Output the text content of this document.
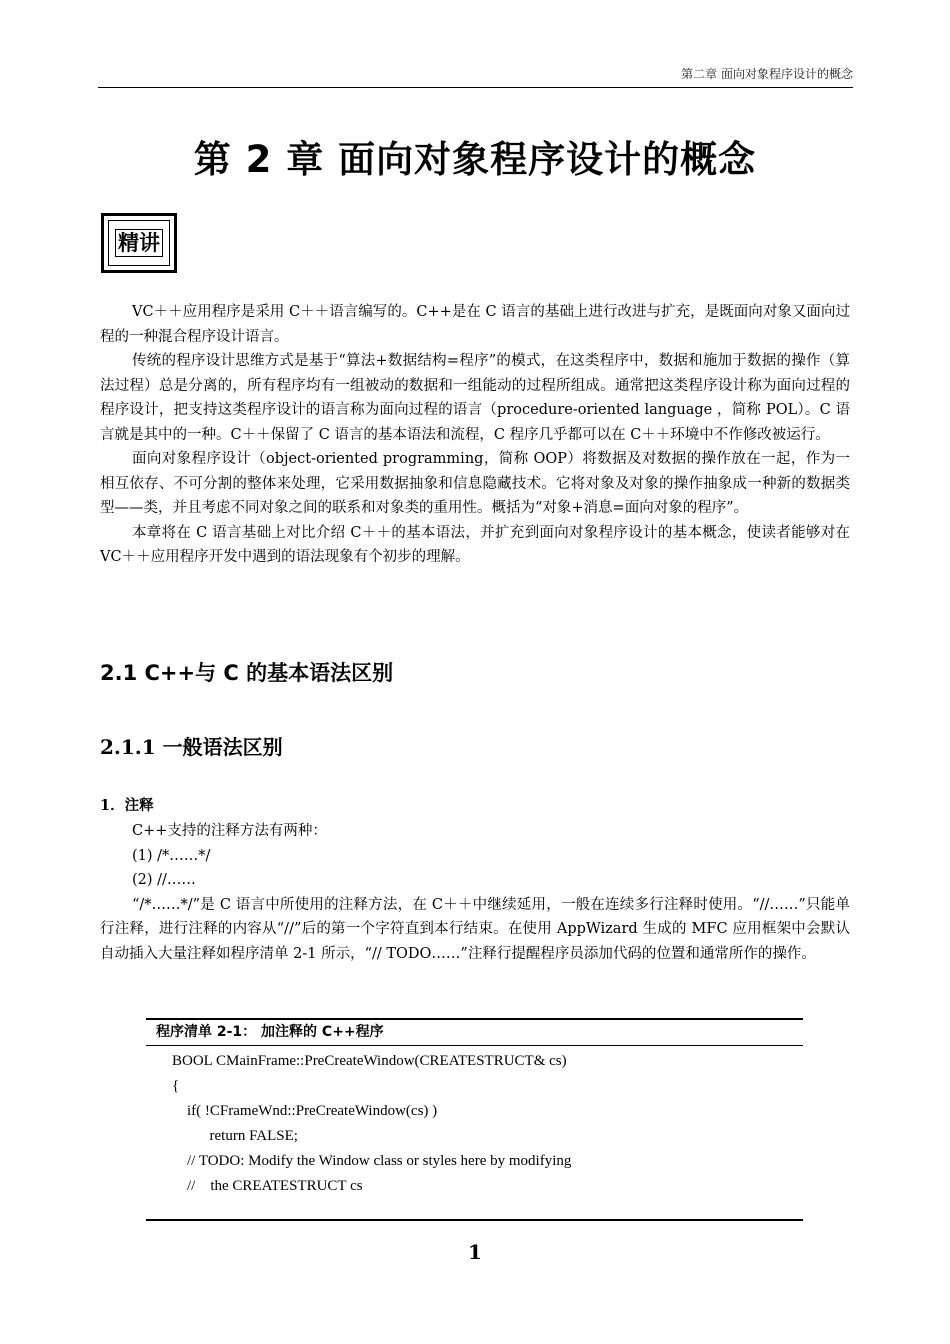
第二章 面向对象程序设计的概念
第 2 章 面向对象程序设计的概念
精讲

VC＋＋应用程序是采用 C＋＋语言编写的。C++是在 C 语言的基础上进行改进与扩充，是既面向对象又面向过程的一种混合程序设计语言。

传统的程序设计思维方式是基于“算法+数据结构=程序”的模式，在这类程序中，数据和施加于数据的操作（算法过程）总是分离的，所有程序均有一组被动的数据和一组能动的过程所组成。通常把这类程序设计称为面向过程的程序设计，把支持这类程序设计的语言称为面向过程的语言（procedure-oriented language ，简称 POL）。C 语言就是其中的一种。C＋＋保留了 C 语言的基本语法和流程，C 程序几乎都可以在 C＋＋环境中不作修改被运行。

面向对象程序设计（object-oriented programming，简称 OOP）将数据及对数据的操作放在一起，作为一相互依存、不可分割的整体来处理，它采用数据抽象和信息隐藏技术。它将对象及对象的操作抽象成一种新的数据类型——类，并且考虑不同对象之间的联系和对象类的重用性。概括为“对象+消息=面向对象的程序”。

本章将在 C 语言基础上对比介绍 C＋＋的基本语法，并扩充到面向对象程序设计的基本概念，使读者能够对在 VC＋＋应用程序开发中遇到的语法现象有个初步的理解。

2.1 C++与 C 的基本语法区别
2.1.1 一般语法区别
1．注释
C++支持的注释方法有两种：
(1) /*……*/
(2) //……

“/*……*/”是 C 语言中所使用的注释方法，在 C＋＋中继续延用，一般在连续多行注释时使用。“//……”只能单行注释，进行注释的内容从“//”后的第一个字符直到本行结束。在使用 AppWizard 生成的 MFC 应用框架中会默认自动插入大量注释如程序清单 2-1 所示，“// TODO……”注释行提醒程序员添加代码的位置和通常所作的操作。

程序清单 2-1： 加注释的 C++程序
BOOL CMainFrame::PreCreateWindow(CREATESTRUCT& cs)
{
if( !CFrameWnd::PreCreateWindow(cs) )
return FALSE;
// TODO: Modify the Window class or styles here by modifying
//    the CREATESTRUCT cs
1
